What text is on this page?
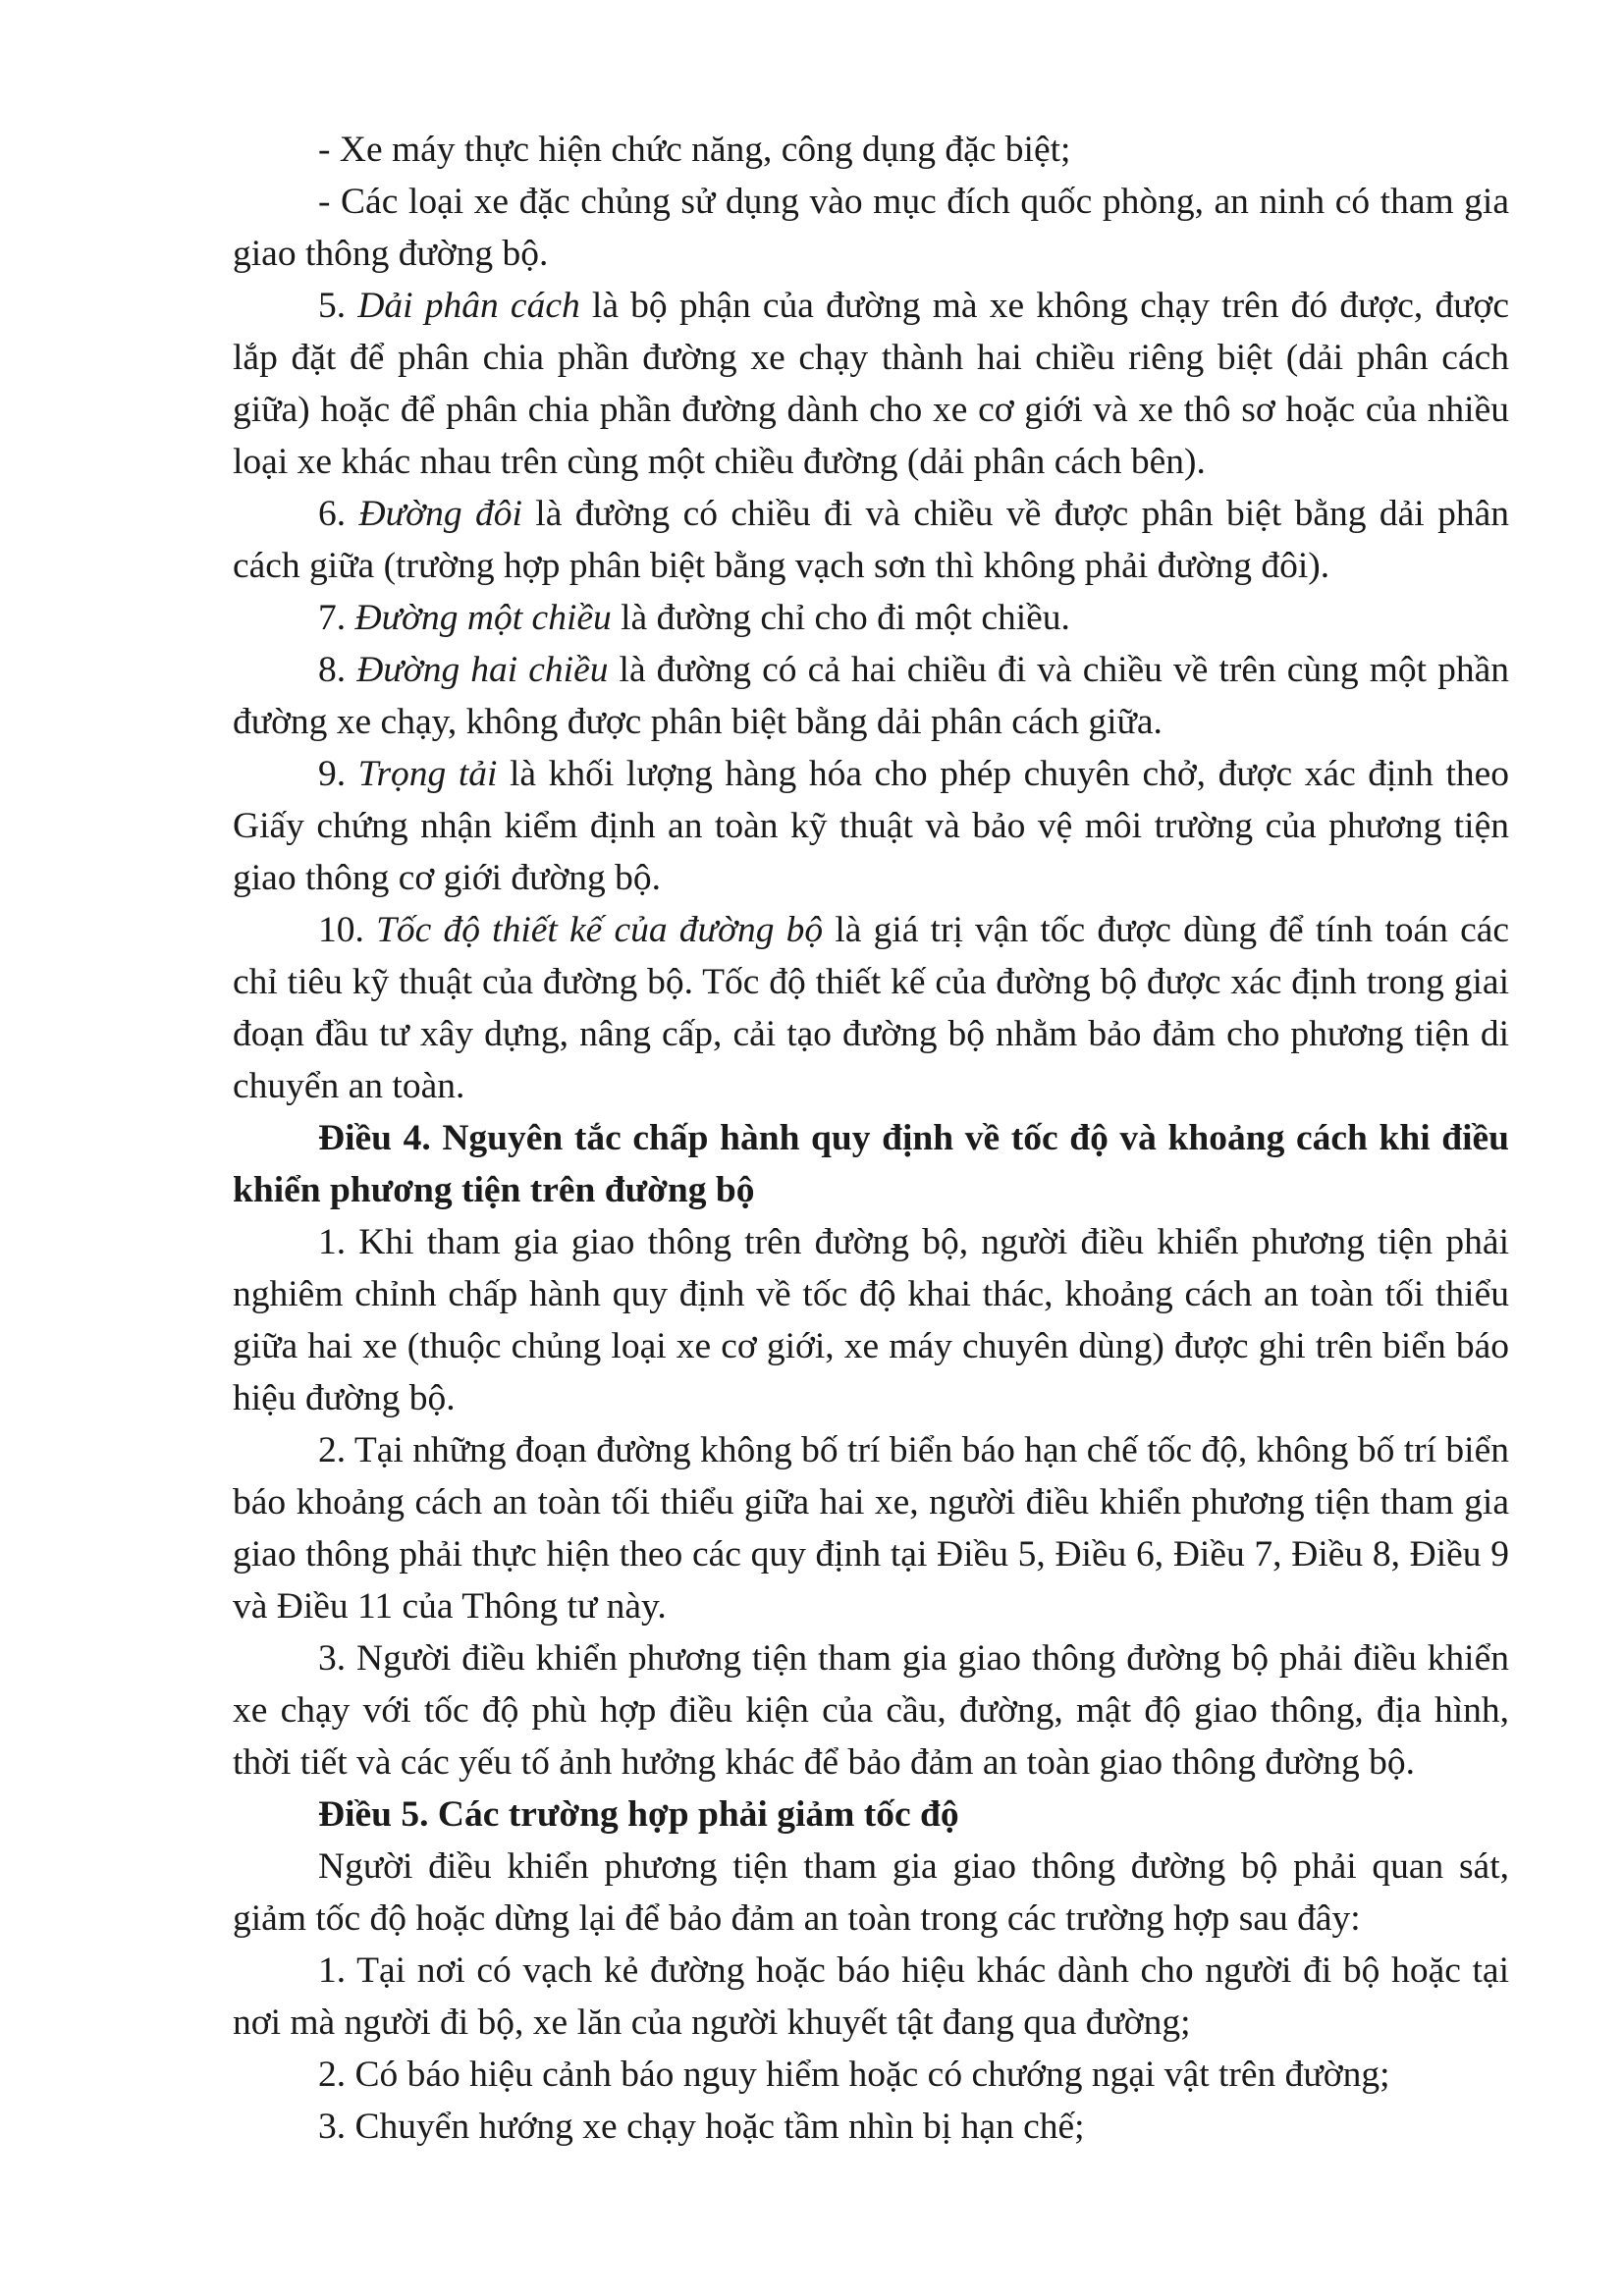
- Xe máy thực hiện chức năng, công dụng đặc biệt;

- Các loại xe đặc chủng sử dụng vào mục đích quốc phòng, an ninh có tham gia giao thông đường bộ.

5. Dải phân cách là bộ phận của đường mà xe không chạy trên đó được, được lắp đặt để phân chia phần đường xe chạy thành hai chiều riêng biệt (dải phân cách giữa) hoặc để phân chia phần đường dành cho xe cơ giới và xe thô sơ hoặc của nhiều loại xe khác nhau trên cùng một chiều đường (dải phân cách bên).

6. Đường đôi là đường có chiều đi và chiều về được phân biệt bằng dải phân cách giữa (trường hợp phân biệt bằng vạch sơn thì không phải đường đôi).

7. Đường một chiều là đường chỉ cho đi một chiều.

8. Đường hai chiều là đường có cả hai chiều đi và chiều về trên cùng một phần đường xe chạy, không được phân biệt bằng dải phân cách giữa.

9. Trọng tải là khối lượng hàng hóa cho phép chuyên chở, được xác định theo Giấy chứng nhận kiểm định an toàn kỹ thuật và bảo vệ môi trường của phương tiện giao thông cơ giới đường bộ.

10. Tốc độ thiết kế của đường bộ là giá trị vận tốc được dùng để tính toán các chỉ tiêu kỹ thuật của đường bộ. Tốc độ thiết kế của đường bộ được xác định trong giai đoạn đầu tư xây dựng, nâng cấp, cải tạo đường bộ nhằm bảo đảm cho phương tiện di chuyển an toàn.

Điều 4. Nguyên tắc chấp hành quy định về tốc độ và khoảng cách khi điều khiển phương tiện trên đường bộ

1. Khi tham gia giao thông trên đường bộ, người điều khiển phương tiện phải nghiêm chỉnh chấp hành quy định về tốc độ khai thác, khoảng cách an toàn tối thiểu giữa hai xe (thuộc chủng loại xe cơ giới, xe máy chuyên dùng) được ghi trên biển báo hiệu đường bộ.

2. Tại những đoạn đường không bố trí biển báo hạn chế tốc độ, không bố trí biển báo khoảng cách an toàn tối thiểu giữa hai xe, người điều khiển phương tiện tham gia giao thông phải thực hiện theo các quy định tại Điều 5, Điều 6, Điều 7, Điều 8, Điều 9 và Điều 11 của Thông tư này.

3. Người điều khiển phương tiện tham gia giao thông đường bộ phải điều khiển xe chạy với tốc độ phù hợp điều kiện của cầu, đường, mật độ giao thông, địa hình, thời tiết và các yếu tố ảnh hưởng khác để bảo đảm an toàn giao thông đường bộ.

Điều 5. Các trường hợp phải giảm tốc độ

Người điều khiển phương tiện tham gia giao thông đường bộ phải quan sát, giảm tốc độ hoặc dừng lại để bảo đảm an toàn trong các trường hợp sau đây:

1. Tại nơi có vạch kẻ đường hoặc báo hiệu khác dành cho người đi bộ hoặc tại nơi mà người đi bộ, xe lăn của người khuyết tật đang qua đường;

2. Có báo hiệu cảnh báo nguy hiểm hoặc có chướng ngại vật trên đường;

3. Chuyển hướng xe chạy hoặc tầm nhìn bị hạn chế;
